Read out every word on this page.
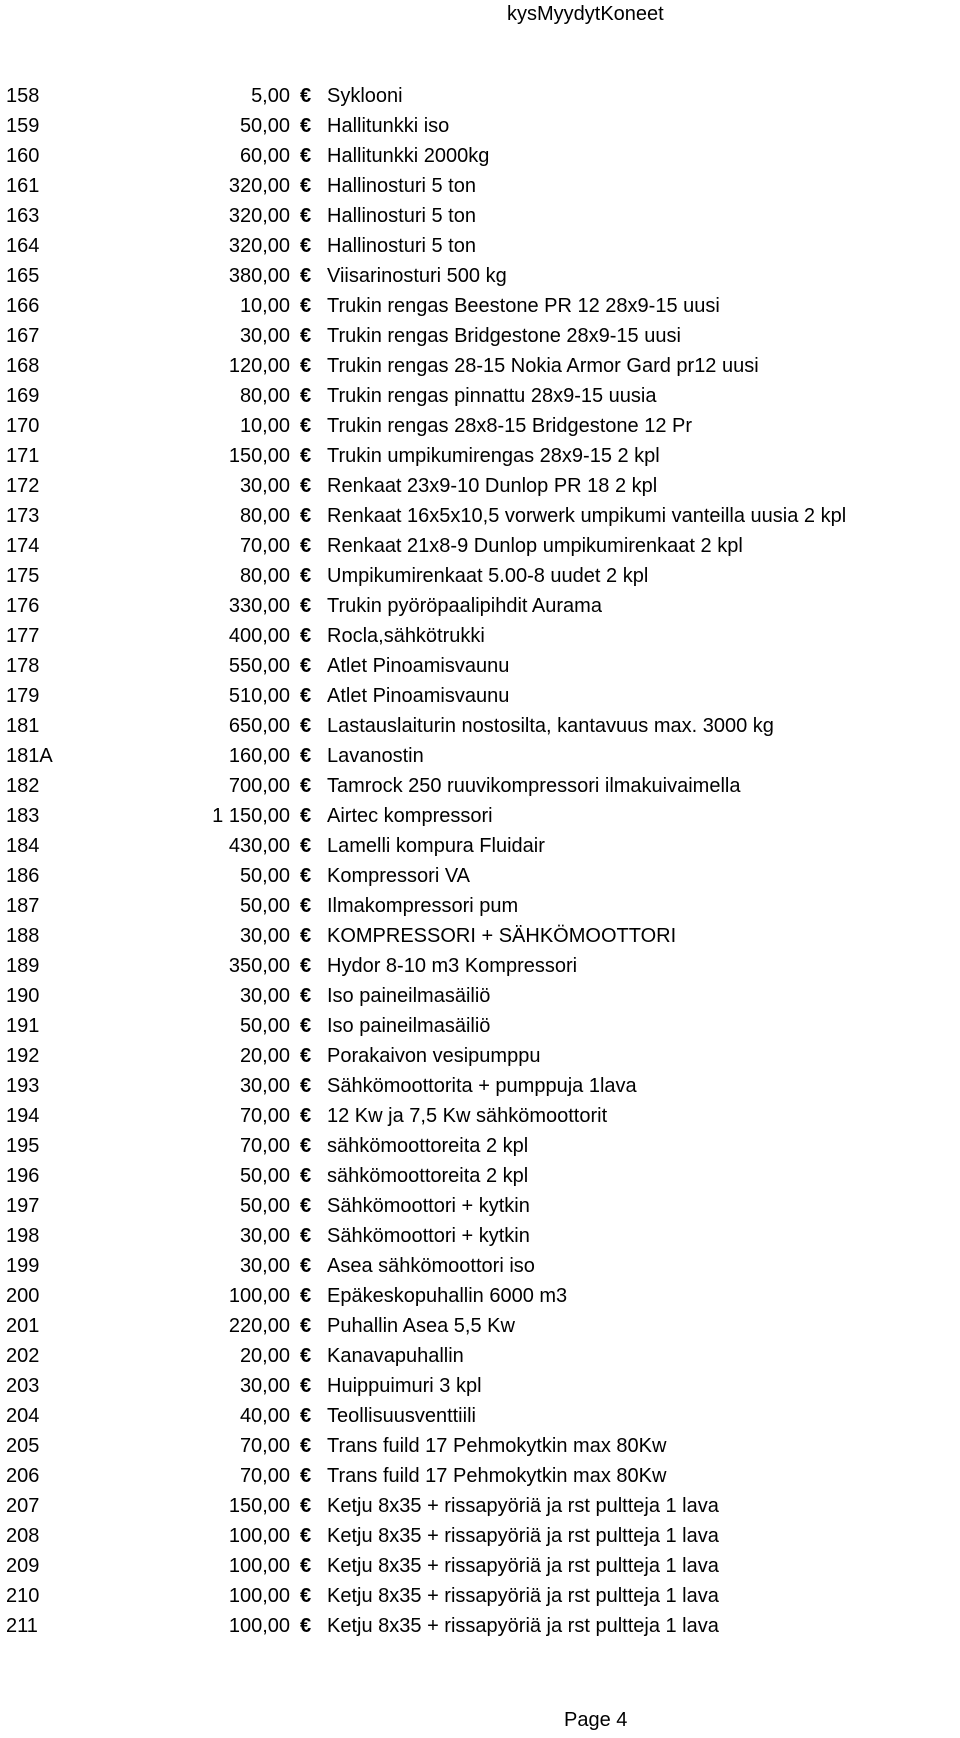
kysMyydytKoneet
158	5,00 € Syklooni
159	50,00 € Hallitunkki iso
160	60,00 € Hallitunkki 2000kg
161	320,00 € Hallinosturi 5 ton
163	320,00 € Hallinosturi 5 ton
164	320,00 € Hallinosturi 5 ton
165	380,00 € Viisarinosturi 500 kg
166	10,00 € Trukin rengas Beestone PR 12 28x9-15 uusi
167	30,00 € Trukin rengas Bridgestone 28x9-15 uusi
168	120,00 € Trukin rengas 28-15 Nokia Armor Gard pr12 uusi
169	80,00 € Trukin rengas pinnattu 28x9-15 uusia
170	10,00 € Trukin rengas 28x8-15 Bridgestone 12 Pr
171	150,00 € Trukin umpikumirengas 28x9-15 2 kpl
172	30,00 € Renkaat 23x9-10 Dunlop PR 18 2 kpl
173	80,00 € Renkaat 16x5x10,5 vorwerk umpikumi vanteilla uusia 2 kpl
174	70,00 € Renkaat 21x8-9 Dunlop umpikumirenkaat 2 kpl
175	80,00 € Umpikumirenkaat 5.00-8 uudet 2 kpl
176	330,00 € Trukin pyöröpaalipihdit Aurama
177	400,00 € Rocla,sähkötrukki
178	550,00 € Atlet Pinoamisvaunu
179	510,00 € Atlet Pinoamisvaunu
181	650,00 € Lastauslaiturin nostosilta, kantavuus max. 3000 kg
181A	160,00 € Lavanostin
182	700,00 € Tamrock 250 ruuvikompressori ilmakuivaimella
183	1 150,00 € Airtec kompressori
184	430,00 € Lamelli kompura Fluidair
186	50,00 € Kompressori VA
187	50,00 € Ilmakompressori pum
188	30,00 € KOMPRESSORI + SÄHKÖMOOTTORI
189	350,00 € Hydor 8-10 m3 Kompressori
190	30,00 € Iso paineilmasäiliö
191	50,00 € Iso paineilmasäiliö
192	20,00 € Porakaivon vesipumppu
193	30,00 € Sähkömoottorita + pumppuja 1lava
194	70,00 € 12 Kw ja 7,5 Kw sähkömoottorit
195	70,00 € sähkömoottoreita 2 kpl
196	50,00 € sähkömoottoreita 2 kpl
197	50,00 € Sähkömoottori + kytkin
198	30,00 € Sähkömoottori + kytkin
199	30,00 € Asea sähkömoottori iso
200	100,00 € Epäkeskopuhallin 6000 m3
201	220,00 € Puhallin Asea 5,5 Kw
202	20,00 € Kanavapuhallin
203	30,00 € Huippuimuri 3 kpl
204	40,00 € Teollisuusventtiili
205	70,00 € Trans fuild 17 Pehmokytkin max 80Kw
206	70,00 € Trans fuild 17 Pehmokytkin max 80Kw
207	150,00 € Ketju 8x35 + rissapyöriä ja rst pultteja 1 lava
208	100,00 € Ketju 8x35 + rissapyöriä ja rst pultteja 1 lava
209	100,00 € Ketju 8x35 + rissapyöriä ja rst pultteja 1 lava
210	100,00 € Ketju 8x35 + rissapyöriä ja rst pultteja 1 lava
211	100,00 € Ketju 8x35 + rissapyöriä ja rst pultteja 1 lava
Page 4
